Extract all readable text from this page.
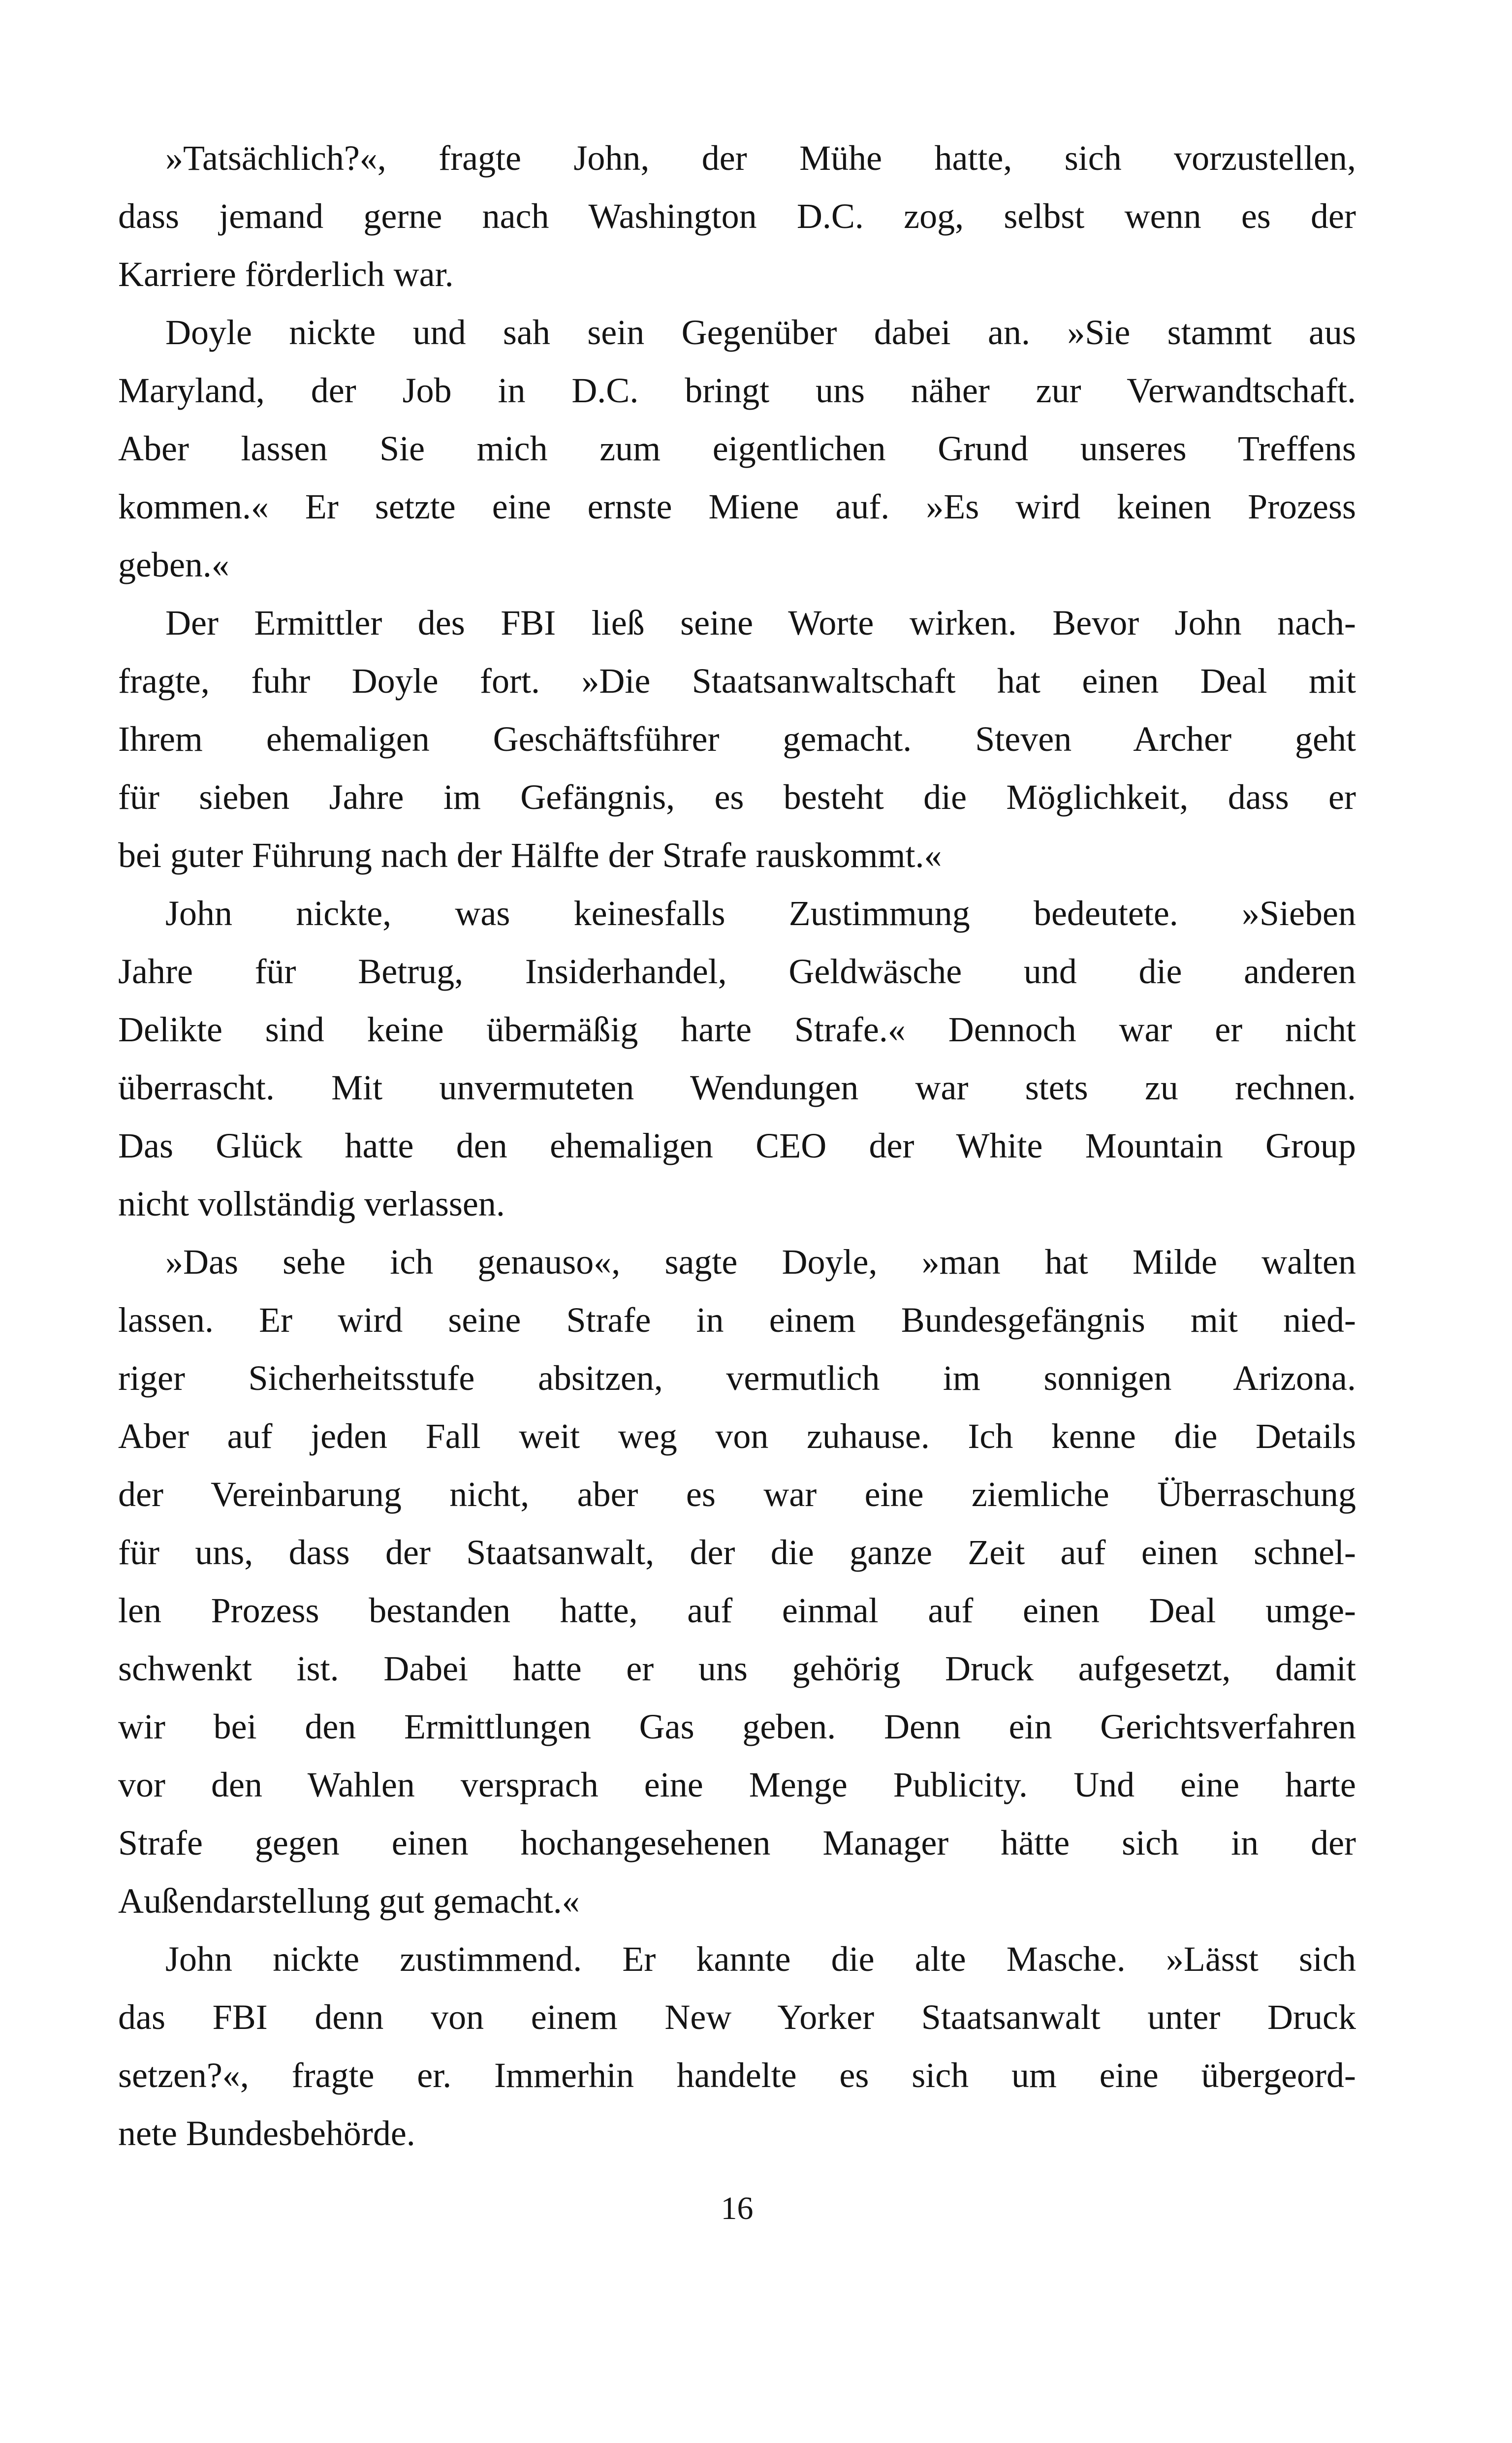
»Tatsächlich?«, fragte John, der Mühe hatte, sich vorzustellen,
dass jemand gerne nach Washington D.C. zog, selbst wenn es der
Karriere förderlich war.

Doyle nickte und sah sein Gegenüber dabei an. »Sie stammt aus
Maryland, der Job in D.C. bringt uns näher zur Verwandtschaft.
Aber lassen Sie mich zum eigentlichen Grund unseres Treffens
kommen.« Er setzte eine ernste Miene auf. »Es wird keinen Prozess
geben.«

Der Ermittler des FBI ließ seine Worte wirken. Bevor John nach-
fragte, fuhr Doyle fort. »Die Staatsanwaltschaft hat einen Deal mit
Ihrem ehemaligen Geschäftsführer gemacht. Steven Archer geht
für sieben Jahre im Gefängnis, es besteht die Möglichkeit, dass er
bei guter Führung nach der Hälfte der Strafe rauskommt.«

John nickte, was keinesfalls Zustimmung bedeutete. »Sieben
Jahre für Betrug, Insiderhandel, Geldwäsche und die anderen
Delikte sind keine übermäßig harte Strafe.« Dennoch war er nicht
überrascht. Mit unvermuteten Wendungen war stets zu rechnen.
Das Glück hatte den ehemaligen CEO der White Mountain Group
nicht vollständig verlassen.

»Das sehe ich genauso«, sagte Doyle, »man hat Milde walten
lassen. Er wird seine Strafe in einem Bundesgefängnis mit nied-
riger Sicherheitsstufe absitzen, vermutlich im sonnigen Arizona.
Aber auf jeden Fall weit weg von zuhause. Ich kenne die Details
der Vereinbarung nicht, aber es war eine ziemliche Überraschung
für uns, dass der Staatsanwalt, der die ganze Zeit auf einen schnel-
len Prozess bestanden hatte, auf einmal auf einen Deal umge-
schwenkt ist. Dabei hatte er uns gehörig Druck aufgesetzt, damit
wir bei den Ermittlungen Gas geben. Denn ein Gerichtsverfahren
vor den Wahlen versprach eine Menge Publicity. Und eine harte
Strafe gegen einen hochangesehenen Manager hätte sich in der
Außendarstellung gut gemacht.«

John nickte zustimmend. Er kannte die alte Masche. »Lässt sich
das FBI denn von einem New Yorker Staatsanwalt unter Druck
setzen?«, fragte er. Immerhin handelte es sich um eine übergeord-
nete Bundesbehörde.

16
